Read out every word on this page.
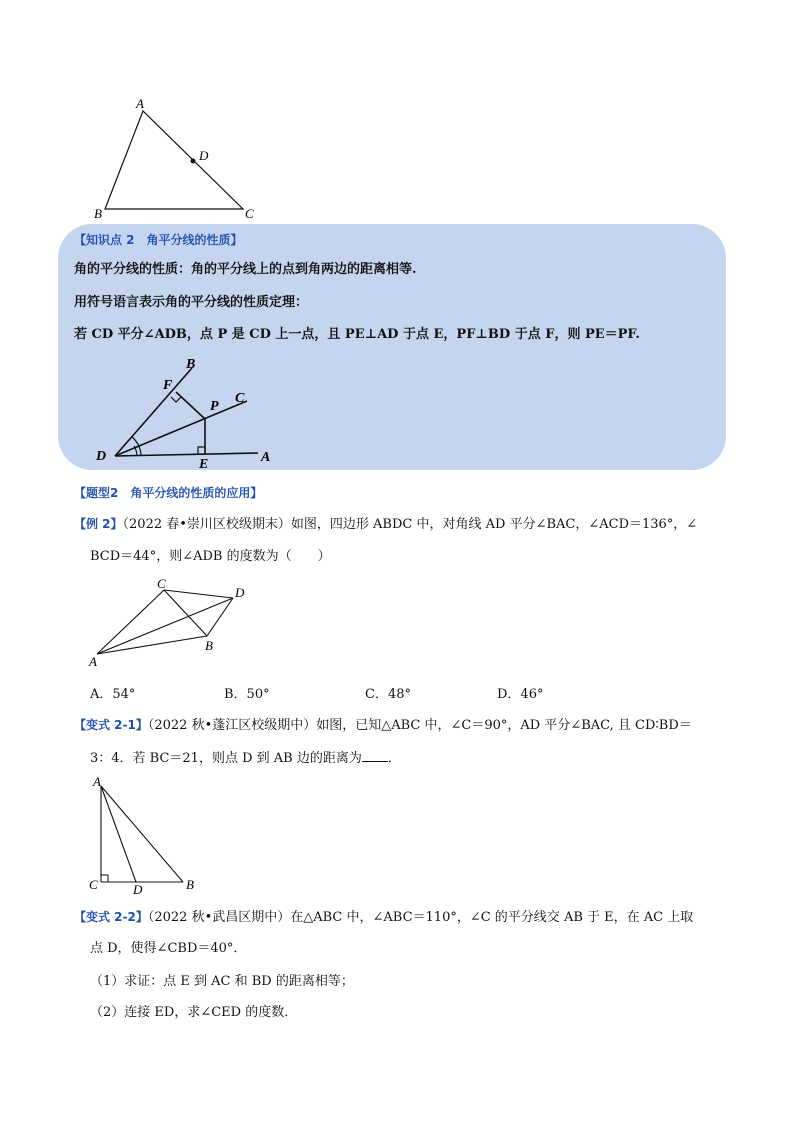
A
D
B	C
【知识点 2　角平分线的性质】
角的平分线的性质：角的平分线上的点到角两边的距离相等.
用符号语言表示角的平分线的性质定理：
若 CD 平分∠ADB，点 P 是 CD 上一点，且 PE⊥AD 于点 E，PF⊥BD 于点 F，则 PE＝PF.
B
F
C
P
D
E	A
【题型2　角平分线的性质的应用】
【例 2】（2022 春•崇川区校级期末）如图，四边形 ABDC 中，对角线 AD 平分∠BAC，∠ACD＝136°，∠
BCD＝44°，则∠ADB 的度数为（　　）
C
D
A
B
A．54°	B．50°	C．48°	D．46°
【变式 2-1】（2022 秋•蓬江区校级期中）如图，已知△ABC 中，∠C＝90°，AD 平分∠BAC, 且 CD∶BD＝
3：4．若 BC＝21，则点 D 到 AB 边的距离为 ．
A
C	D	B
【变式 2-2】（2022 秋•武昌区期中）在△ABC 中，∠ABC＝110°，∠C 的平分线交 AB 于 E，在 AC 上取
点 D，使得∠CBD＝40°．
（1）求证：点 E 到 AC 和 BD 的距离相等；
（2）连接 ED，求∠CED 的度数．
